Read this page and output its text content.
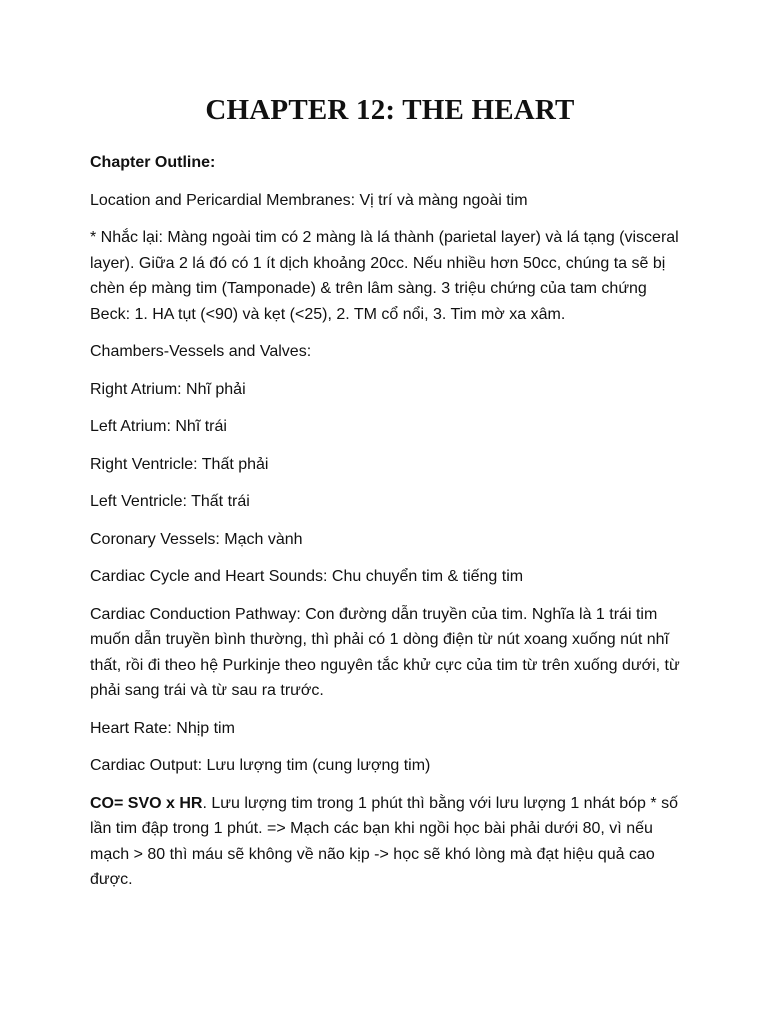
CHAPTER 12: THE HEART

Chapter Outline:

Location and Pericardial Membranes: Vị trí và màng ngoài tim

* Nhắc lại: Màng ngoài tim có 2 màng là lá thành (parietal layer) và lá tạng (visceral layer). Giữa 2 lá đó có 1 ít dịch khoảng 20cc. Nếu nhiều hơn 50cc, chúng ta sẽ bị chèn ép màng tim (Tamponade) & trên lâm sàng. 3 triệu chứng của tam chứng Beck: 1. HA tụt (<90) và kẹt (<25), 2. TM cổ nổi, 3. Tim mờ xa xâm.

Chambers-Vessels and Valves:

Right Atrium: Nhĩ phải

Left Atrium: Nhĩ trái

Right Ventricle: Thất phải

Left Ventricle: Thất trái

Coronary Vessels: Mạch vành

Cardiac Cycle and Heart Sounds: Chu chuyển tim & tiếng tim

Cardiac Conduction Pathway: Con đường dẫn truyền của tim. Nghĩa là 1 trái tim muốn dẫn truyền bình thường, thì phải có 1 dòng điện từ nút xoang xuống nút nhĩ thất, rồi đi theo hệ Purkinje theo nguyên tắc khử cực của tim từ trên xuống dưới, từ phải sang trái và từ sau ra trước.

Heart Rate: Nhịp tim

Cardiac Output: Lưu lượng tim (cung lượng tim)

CO= SVO x HR. Lưu lượng tim trong 1 phút thì bằng với lưu lượng 1 nhát bóp * số lần tim đập trong 1 phút. => Mạch các bạn khi ngồi học bài phải dưới 80, vì nếu mạch > 80 thì máu sẽ không về não kịp -> học sẽ khó lòng mà đạt hiệu quả cao được.
